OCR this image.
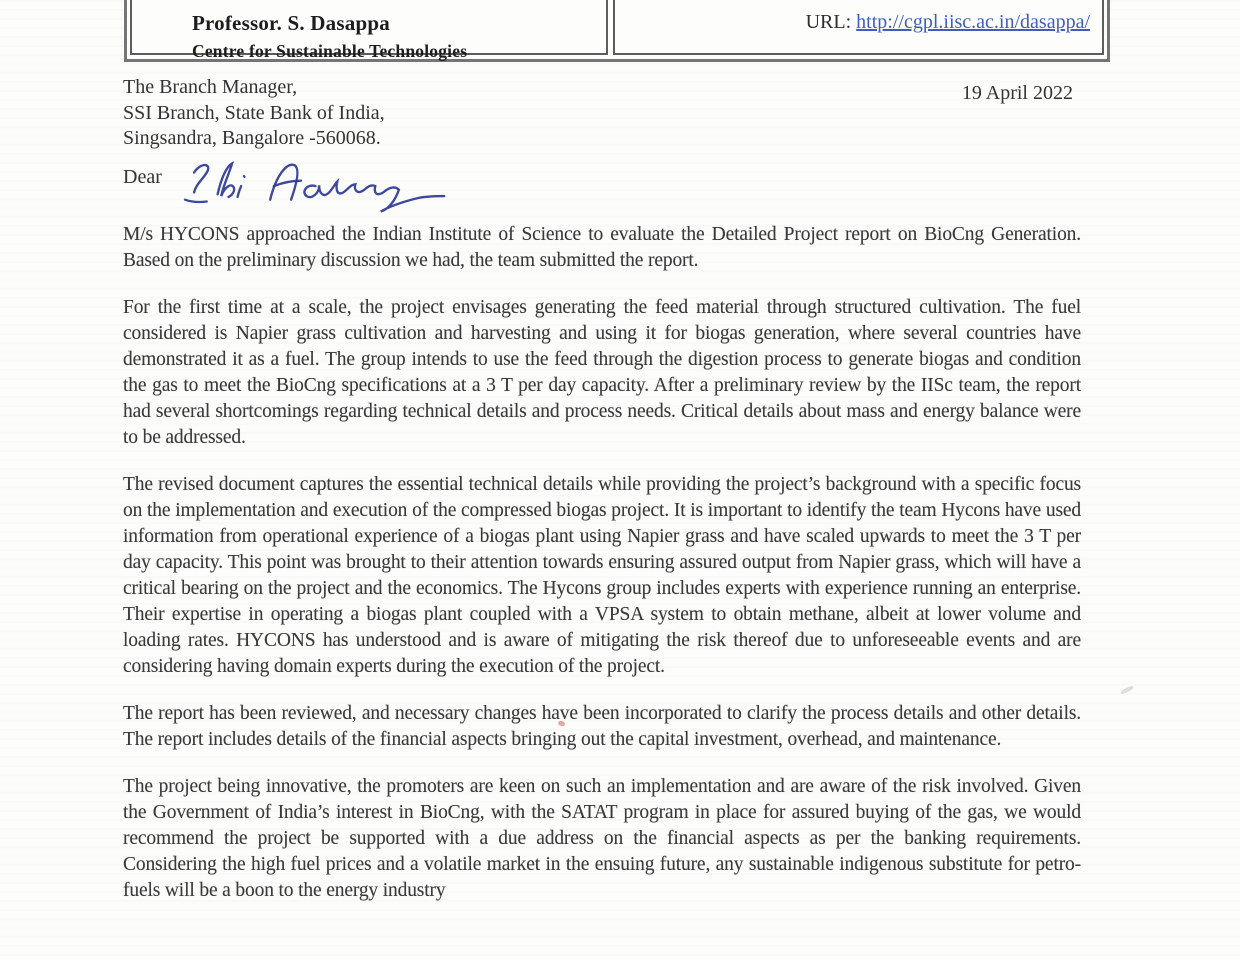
Professor. S. Dasappa
Centre for Sustainable Technologies
URL: http://cgpl.iisc.ac.in/dasappa/
19 April 2022
The Branch Manager,
SSI Branch, State Bank of India,
Singsandra, Bangalore -560068.
Dear

M/s HYCONS approached the Indian Institute of Science to evaluate the Detailed Project report on BioCng Generation. Based on the preliminary discussion we had, the team submitted the report.

For the first time at a scale, the project envisages generating the feed material through structured cultivation. The fuel considered is Napier grass cultivation and harvesting and using it for biogas generation, where several countries have demonstrated it as a fuel. The group intends to use the feed through the digestion process to generate biogas and condition the gas to meet the BioCng specifications at a 3 T per day capacity. After a preliminary review by the IISc team, the report had several shortcomings regarding technical details and process needs. Critical details about mass and energy balance were to be addressed.

The revised document captures the essential technical details while providing the project’s background with a specific focus on the implementation and execution of the compressed biogas project. It is important to identify the team Hycons have used information from operational experience of a biogas plant using Napier grass and have scaled upwards to meet the 3 T per day capacity. This point was brought to their attention towards ensuring assured output from Napier grass, which will have a critical bearing on the project and the economics. The Hycons group includes experts with experience running an enterprise. Their expertise in operating a biogas plant coupled with a VPSA system to obtain methane, albeit at lower volume and loading rates. HYCONS has understood and is aware of mitigating the risk thereof due to unforeseeable events and are considering having domain experts during the execution of the project.

The report has been reviewed, and necessary changes have been incorporated to clarify the process details and other details. The report includes details of the financial aspects bringing out the capital investment, overhead, and maintenance.

The project being innovative, the promoters are keen on such an implementation and are aware of the risk involved. Given the Government of India’s interest in BioCng, with the SATAT program in place for assured buying of the gas, we would recommend the project be supported with a due address on the financial aspects as per the banking requirements. Considering the high fuel prices and a volatile market in the ensuing future, any sustainable indigenous substitute for petro-fuels will be a boon to the energy industry
